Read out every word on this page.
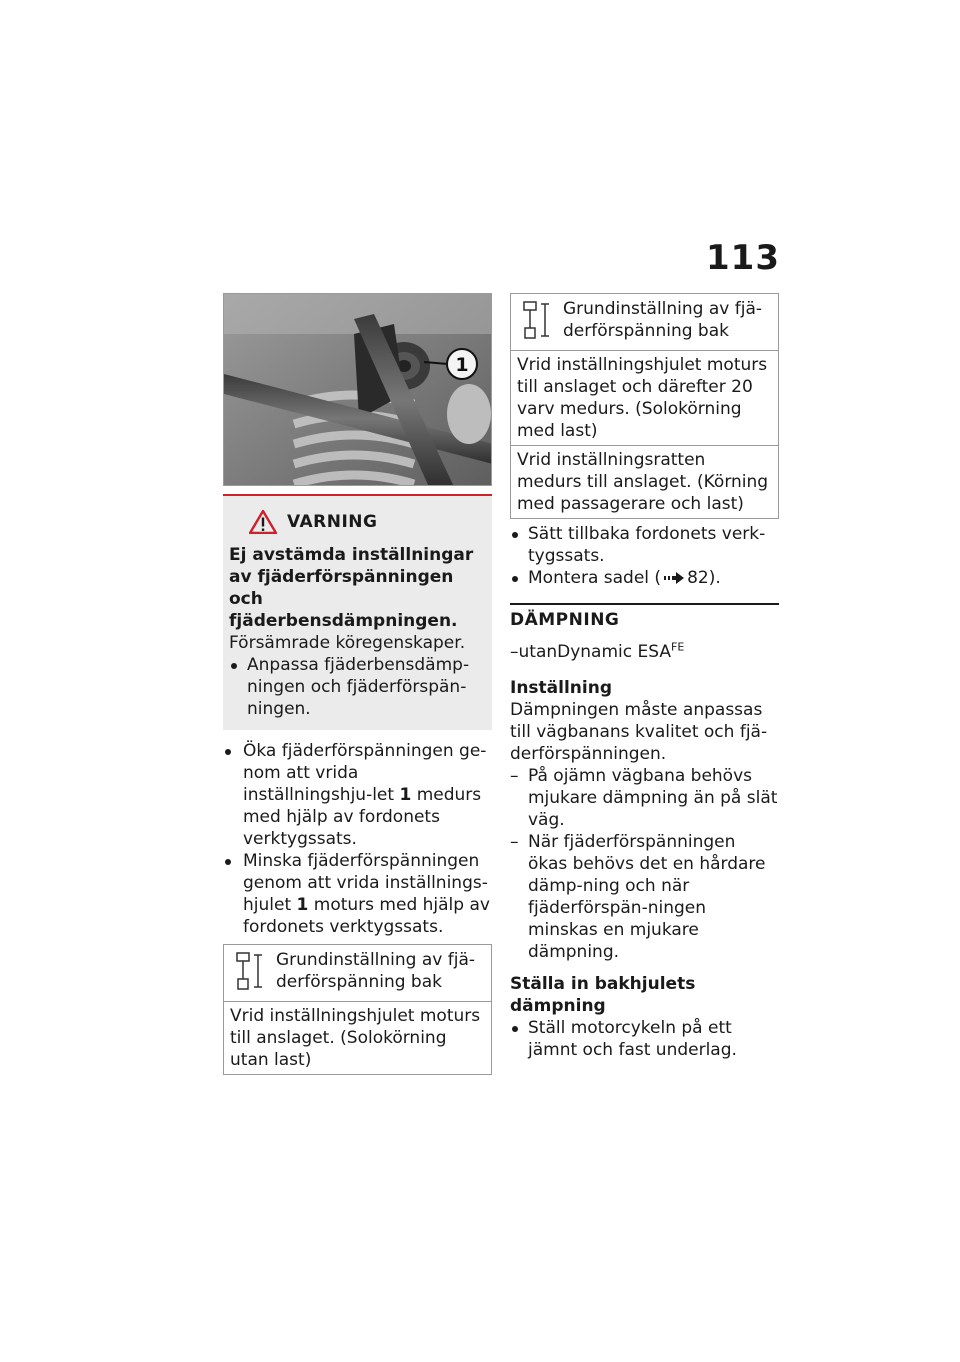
113
1
VARNING
Ej avstämda inställningar av fjäderförspänningen och fjäderbensdämpningen.
Försämrade köregenskaper.
Anpassa fjäderbensdämp-ningen och fjäderförspän-ningen.
Öka fjäderförspänningen ge-nom att vrida inställningshju-let 1 medurs med hjälp av fordonets verktygssats.
Minska fjäderförspänningen genom att vrida inställnings-hjulet 1 moturs med hjälp av fordonets verktygssats.
Grundinställning av fjä-derförspänning bak
Vrid inställningshjulet moturs till anslaget. (Solokörning utan last)
Grundinställning av fjä-derförspänning bak
Vrid inställningshjulet moturs till anslaget och därefter 20 varv medurs. (Solokörning med last)
Vrid inställningsratten medurs till anslaget. (Körning med passagerare och last)
Sätt tillbaka fordonets verk-tygssats.
Montera sadel ( 82).
DÄMPNING
–utanDynamic $ESA^{FE}$
Inställning
Dämpningen måste anpassas till vägbanans kvalitet och fjä-derförspänningen.
– På ojämn vägbana behövs mjukare dämpning än på slät väg.
– När fjäderförspänningen ökas behövs det en hårdare dämp-ning och när fjäderförspän-ningen minskas en mjukare dämpning.
Ställa in bakhjulets dämpning
Ställ motorcykeln på ett jämnt och fast underlag.
